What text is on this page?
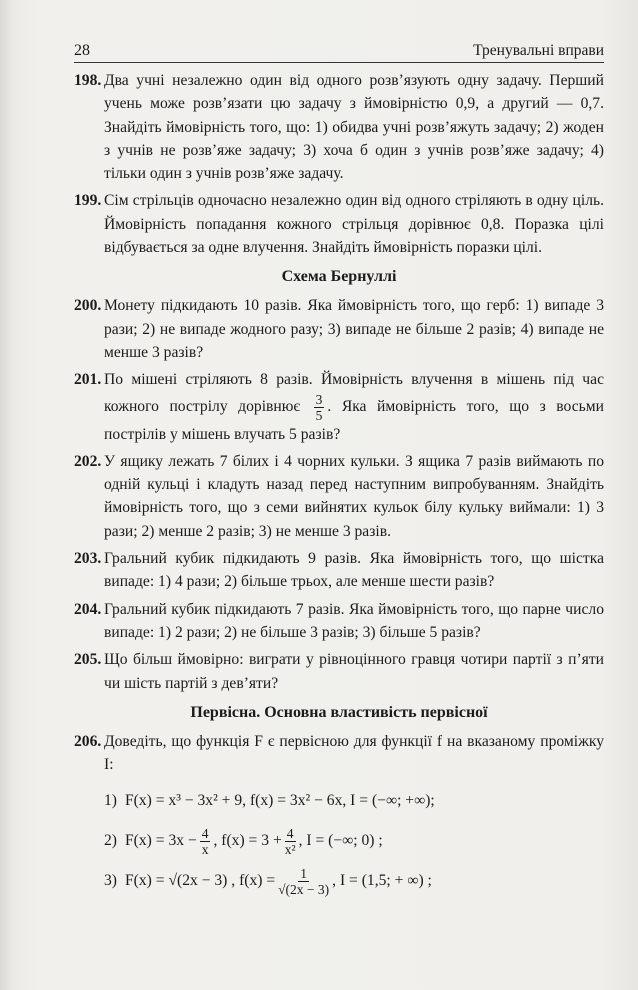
28	Тренувальні вправи
198. Два учні незалежно один від одного розв’язують одну задачу. Перший учень може розв’язати цю задачу з ймовірністю 0,9, а другий — 0,7. Знайдіть ймовірність того, що: 1) обидва учні розв’яжуть задачу; 2) жоден з учнів не розв’яже задачу; 3) хоча б один з учнів розв’яже задачу; 4) тільки один з учнів розв’яже задачу.
199. Сім стрільців одночасно незалежно один від одного стріляють в одну ціль. Ймовірність попадання кожного стрільця дорівнює 0,8. Поразка цілі відбувається за одне влучення. Знайдіть ймовірність поразки цілі.
Схема Бернуллі
200. Монету підкидають 10 разів. Яка ймовірність того, що герб: 1) випаде 3 рази; 2) не випаде жодного разу; 3) випаде не більше 2 разів; 4) випаде не менше 3 разів?
201. По мішені стріляють 8 разів. Ймовірність влучення в мішень під час кожного пострілу дорівнює $\frac{3}{5}$ . Яка ймовірність того, що з восьми пострілів у мішень влучать 5 разів?
202. У ящику лежать 7 білих і 4 чорних кульки. З ящика 7 разів виймають по одній кульці і кладуть назад перед наступним випробуванням. Знайдіть ймовірність того, що з семи вийнятих кульок білу кульку виймали: 1) 3 рази; 2) менше 2 разів; 3) не менше 3 разів.
203. Гральний кубик підкидають 9 разів. Яка ймовірність того, що шістка випаде: 1) 4 рази; 2) більше трьох, але менше шести разів?
204. Гральний кубик підкидають 7 разів. Яка ймовірність того, що парне число випаде: 1) 2 рази; 2) не більше 3 разів; 3) більше 5 разів?
205. Що більш ймовірно: виграти у рівноцінного гравця чотири партії з п’яти чи шість партій з дев’яти?
Первісна. Основна властивість первісної
206. Доведіть, що функція F є первісною для функції f на вказаному проміжку I:
1) F(x) = x³ − 3x² + 9, f(x) = 3x² − 6x, I = (−∞; +∞);
2) $F(x) = 3x - \frac{4}{x}$ , $f(x) = 3 + \frac{4}{\text{x²}}$ , I = (−∞; 0) ;
3) F(x) = √(2x − 3) , $f(x) = \frac{1}{√(2x - 3)}$ , I = (1,5; + ∞) ;
